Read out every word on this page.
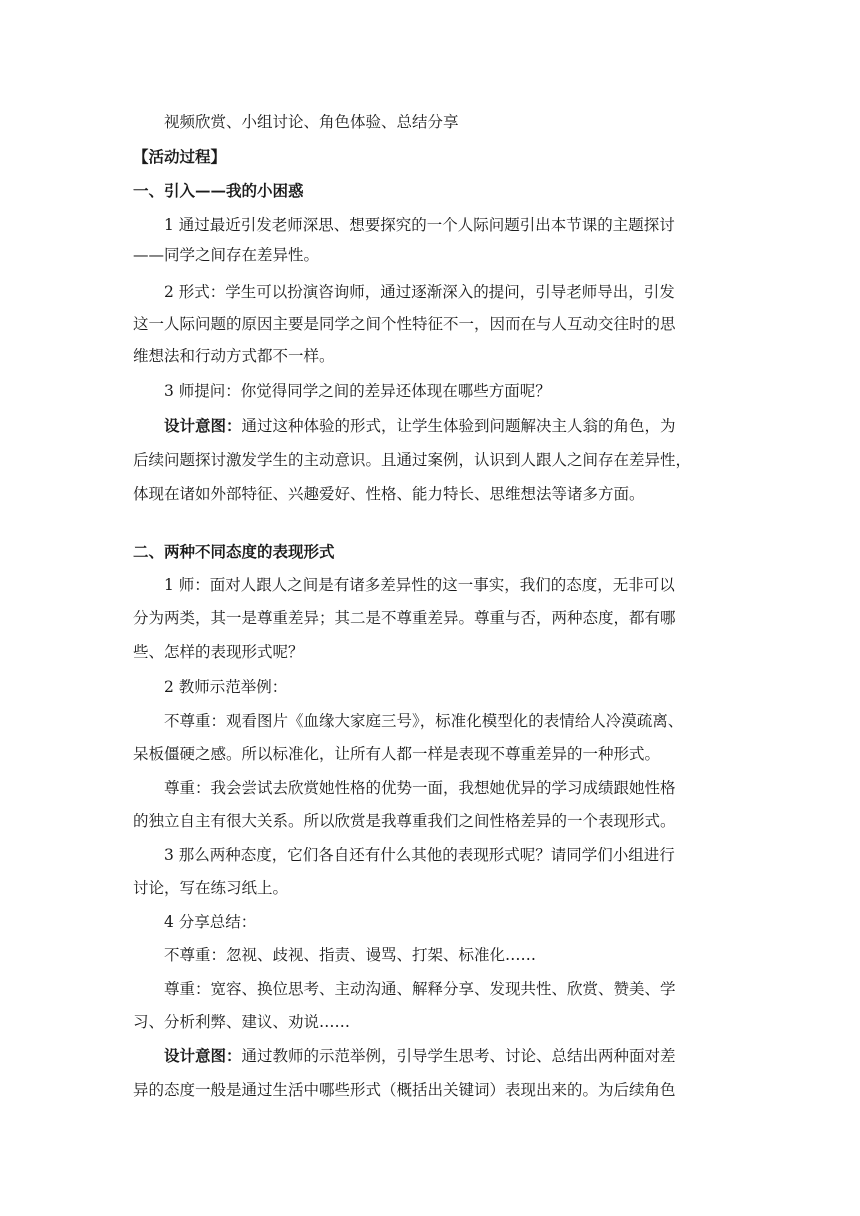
视频欣赏、小组讨论、角色体验、总结分享
【活动过程】
一、引入——我的小困惑
1 通过最近引发老师深思、想要探究的一个人际问题引出本节课的主题探讨
——同学之间存在差异性。
2 形式：学生可以扮演咨询师，通过逐渐深入的提问，引导老师导出，引发
这一人际问题的原因主要是同学之间个性特征不一，因而在与人互动交往时的思
维想法和行动方式都不一样。
3 师提问：你觉得同学之间的差异还体现在哪些方面呢？
设计意图：通过这种体验的形式，让学生体验到问题解决主人翁的角色，为
后续问题探讨激发学生的主动意识。且通过案例，认识到人跟人之间存在差异性，
体现在诸如外部特征、兴趣爱好、性格、能力特长、思维想法等诸多方面。
二、两种不同态度的表现形式
1 师：面对人跟人之间是有诸多差异性的这一事实，我们的态度，无非可以
分为两类，其一是尊重差异；其二是不尊重差异。尊重与否，两种态度，都有哪
些、怎样的表现形式呢？
2 教师示范举例：
不尊重：观看图片《血缘大家庭三号》，标准化模型化的表情给人冷漠疏离、
呆板僵硬之感。所以标准化，让所有人都一样是表现不尊重差异的一种形式。
尊重：我会尝试去欣赏她性格的优势一面，我想她优异的学习成绩跟她性格
的独立自主有很大关系。所以欣赏是我尊重我们之间性格差异的一个表现形式。
3 那么两种态度，它们各自还有什么其他的表现形式呢？请同学们小组进行
讨论，写在练习纸上。
4 分享总结：
不尊重：忽视、歧视、指责、谩骂、打架、标准化……
尊重：宽容、换位思考、主动沟通、解释分享、发现共性、欣赏、赞美、学
习、分析利弊、建议、劝说……
设计意图：通过教师的示范举例，引导学生思考、讨论、总结出两种面对差
异的态度一般是通过生活中哪些形式（概括出关键词）表现出来的。为后续角色
